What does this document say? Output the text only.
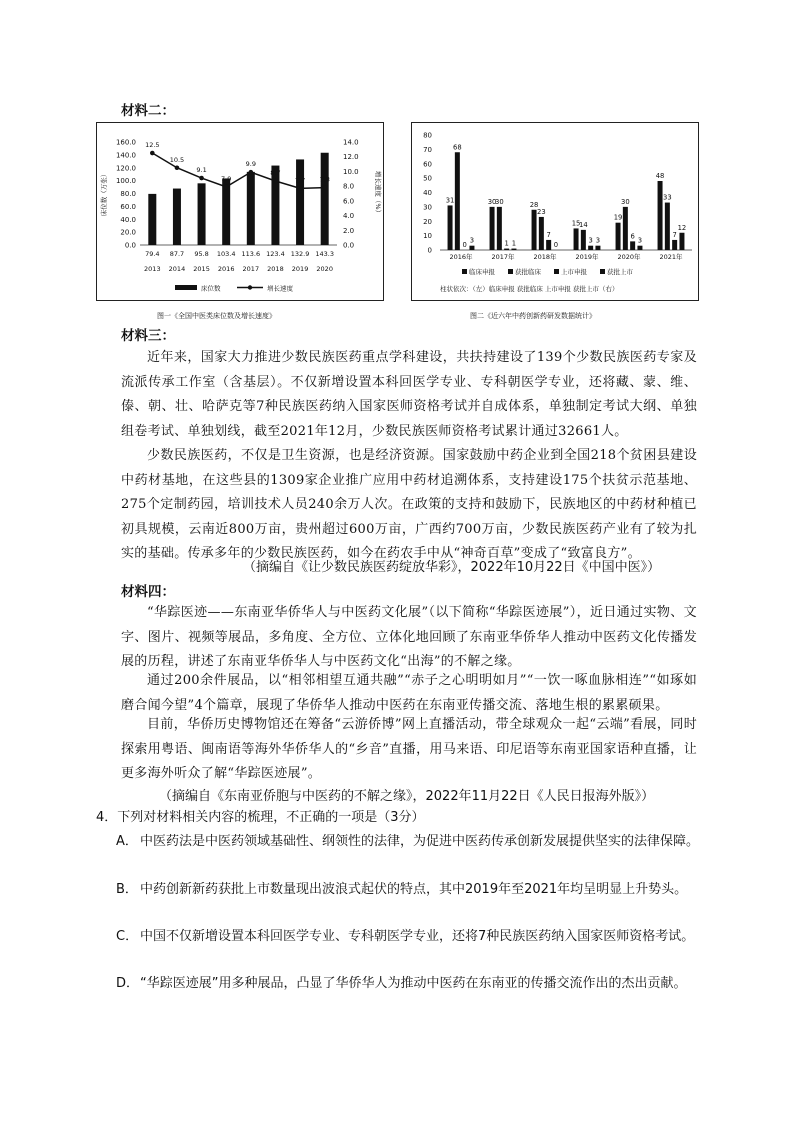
材料二：
0.0
20.0
40.0
60.0
80.0
100.0
120.0
140.0
160.0
0.0
2.0
4.0
6.0
8.0
10.0
12.0
14.0
床位数（万张）	增长速度（%）
79.4
2013
87.7
2014
95.8
2015
103.4
2016
113.6
2017
123.4
2018
132.9
2019
143.3
2020
12.5
10.5
9.1
7.9
9.9
8.7
7.7 7.8
床位数	增长速度
图一《全国中医类床位数及增长速度》
0
10
20
30
40
50
60
70
80
31
68
0
3
2016年
30
30
1 1
2017年
28
23
7
0
2018年
15
14
3 3
2019年
19
30
6
3
2020年
48
33
7
12
2021年
临床申报	获批临床	上市申报	获批上市
柱状依次：（左）临床申报 获批临床 上市申报 获批上市（右）
图二《近六年中药创新药研发数据统计》
材料三：
近年来，国家大力推进少数民族医药重点学科建设，共扶持建设了139个少数民族医药专家及流派传承工作室（含基层）。不仅新增设置本科回医学专业、专科朝医学专业，还将藏、蒙、维、傣、朝、壮、哈萨克等7种民族医药纳入国家医师资格考试并自成体系，单独制定考试大纲、单独组卷考试、单独划线，截至2021年12月，少数民族医师资格考试累计通过32661人。
少数民族医药，不仅是卫生资源，也是经济资源。国家鼓励中药企业到全国218个贫困县建设中药材基地，在这些县的1309家企业推广应用中药材追溯体系，支持建设175个扶贫示范基地、275个定制药园，培训技术人员240余万人次。在政策的支持和鼓励下，民族地区的中药材种植已初具规模，云南近800万亩，贵州超过600万亩，广西约700万亩，少数民族医药产业有了较为扎实的基础。传承多年的少数民族医药，如今在药农手中从“神奇百草”变成了“致富良方”。
（摘编自《让少数民族医药绽放华彩》，2022年10月22日《中国中医》）
材料四：
“华踪医迹——东南亚华侨华人与中医药文化展”（以下简称“华踪医迹展”），近日通过实物、文字、图片、视频等展品，多角度、全方位、立体化地回顾了东南亚华侨华人推动中医药文化传播发展的历程，讲述了东南亚华侨华人与中医药文化“出海”的不解之缘。
通过200余件展品，以“相邻相望互通共融”“赤子之心明明如月”“一饮一啄血脉相连”“如琢如磨合闻今望”4个篇章，展现了华侨华人推动中医药在东南亚传播交流、落地生根的累累硕果。
目前，华侨历史博物馆还在筹备“云游侨博”网上直播活动，带全球观众一起“云端”看展，同时探索用粤语、闽南语等海外华侨华人的“乡音”直播，用马来语、印尼语等东南亚国家语种直播，让更多海外听众了解“华踪医迹展”。
（摘编自《东南亚侨胞与中医药的不解之缘》，2022年11月22日《人民日报海外版》）
4．下列对材料相关内容的梳理，不正确的一项是（3分）
A． 中医药法是中医药领域基础性、纲领性的法律，为促进中医药传承创新发展提供坚实的法律保障。
B． 中药创新新药获批上市数量现出波浪式起伏的特点，其中2019年至2021年均呈明显上升势头。
C． 中国不仅新增设置本科回医学专业、专科朝医学专业，还将7种民族医药纳入国家医师资格考试。
D．“华踪医迹展”用多种展品，凸显了华侨华人为推动中医药在东南亚的传播交流作出的杰出贡献。
